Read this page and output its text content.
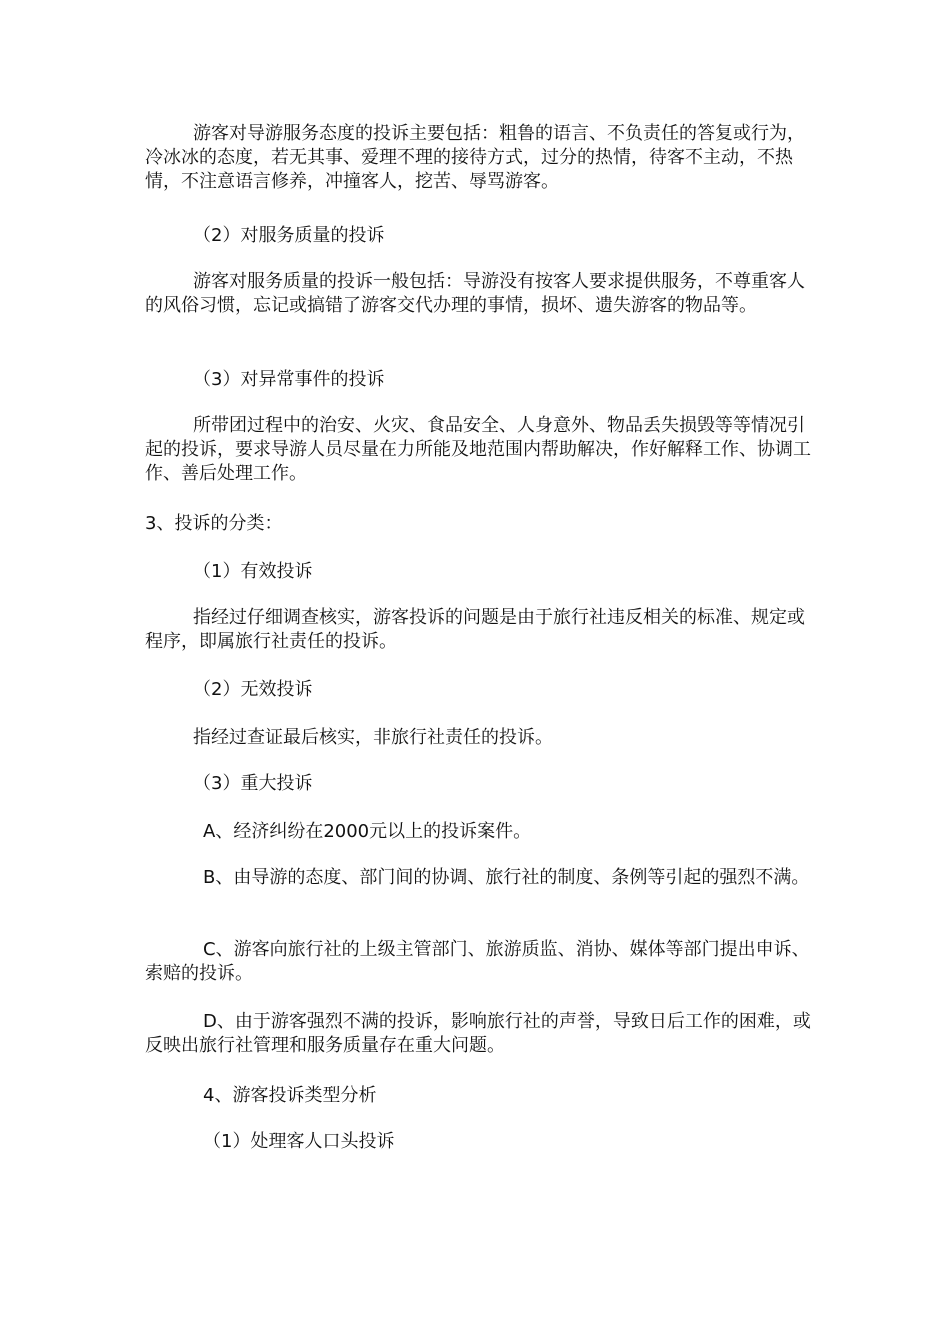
游客对导游服务态度的投诉主要包括：粗鲁的语言、不负责任的答复或行为，冷冰冰的态度，若无其事、爱理不理的接待方式，过分的热情，待客不主动，不热情，不注意语言修养，冲撞客人，挖苦、辱骂游客。

（2）对服务质量的投诉

游客对服务质量的投诉一般包括：导游没有按客人要求提供服务，不尊重客人的风俗习惯，忘记或搞错了游客交代办理的事情，损坏、遗失游客的物品等。

（3）对异常事件的投诉

所带团过程中的治安、火灾、食品安全、人身意外、物品丢失损毁等等情况引起的投诉，要求导游人员尽量在力所能及地范围内帮助解决，作好解释工作、协调工作、善后处理工作。

3、投诉的分类：

（1）有效投诉

指经过仔细调查核实，游客投诉的问题是由于旅行社违反相关的标准、规定或程序，即属旅行社责任的投诉。

（2）无效投诉

指经过查证最后核实，非旅行社责任的投诉。

（3）重大投诉

A、经济纠纷在2000元以上的投诉案件。

B、由导游的态度、部门间的协调、旅行社的制度、条例等引起的强烈不满。

C、游客向旅行社的上级主管部门、旅游质监、消协、媒体等部门提出申诉、索赔的投诉。

D、由于游客强烈不满的投诉，影响旅行社的声誉，导致日后工作的困难，或反映出旅行社管理和服务质量存在重大问题。

4、游客投诉类型分析

（1）处理客人口头投诉
